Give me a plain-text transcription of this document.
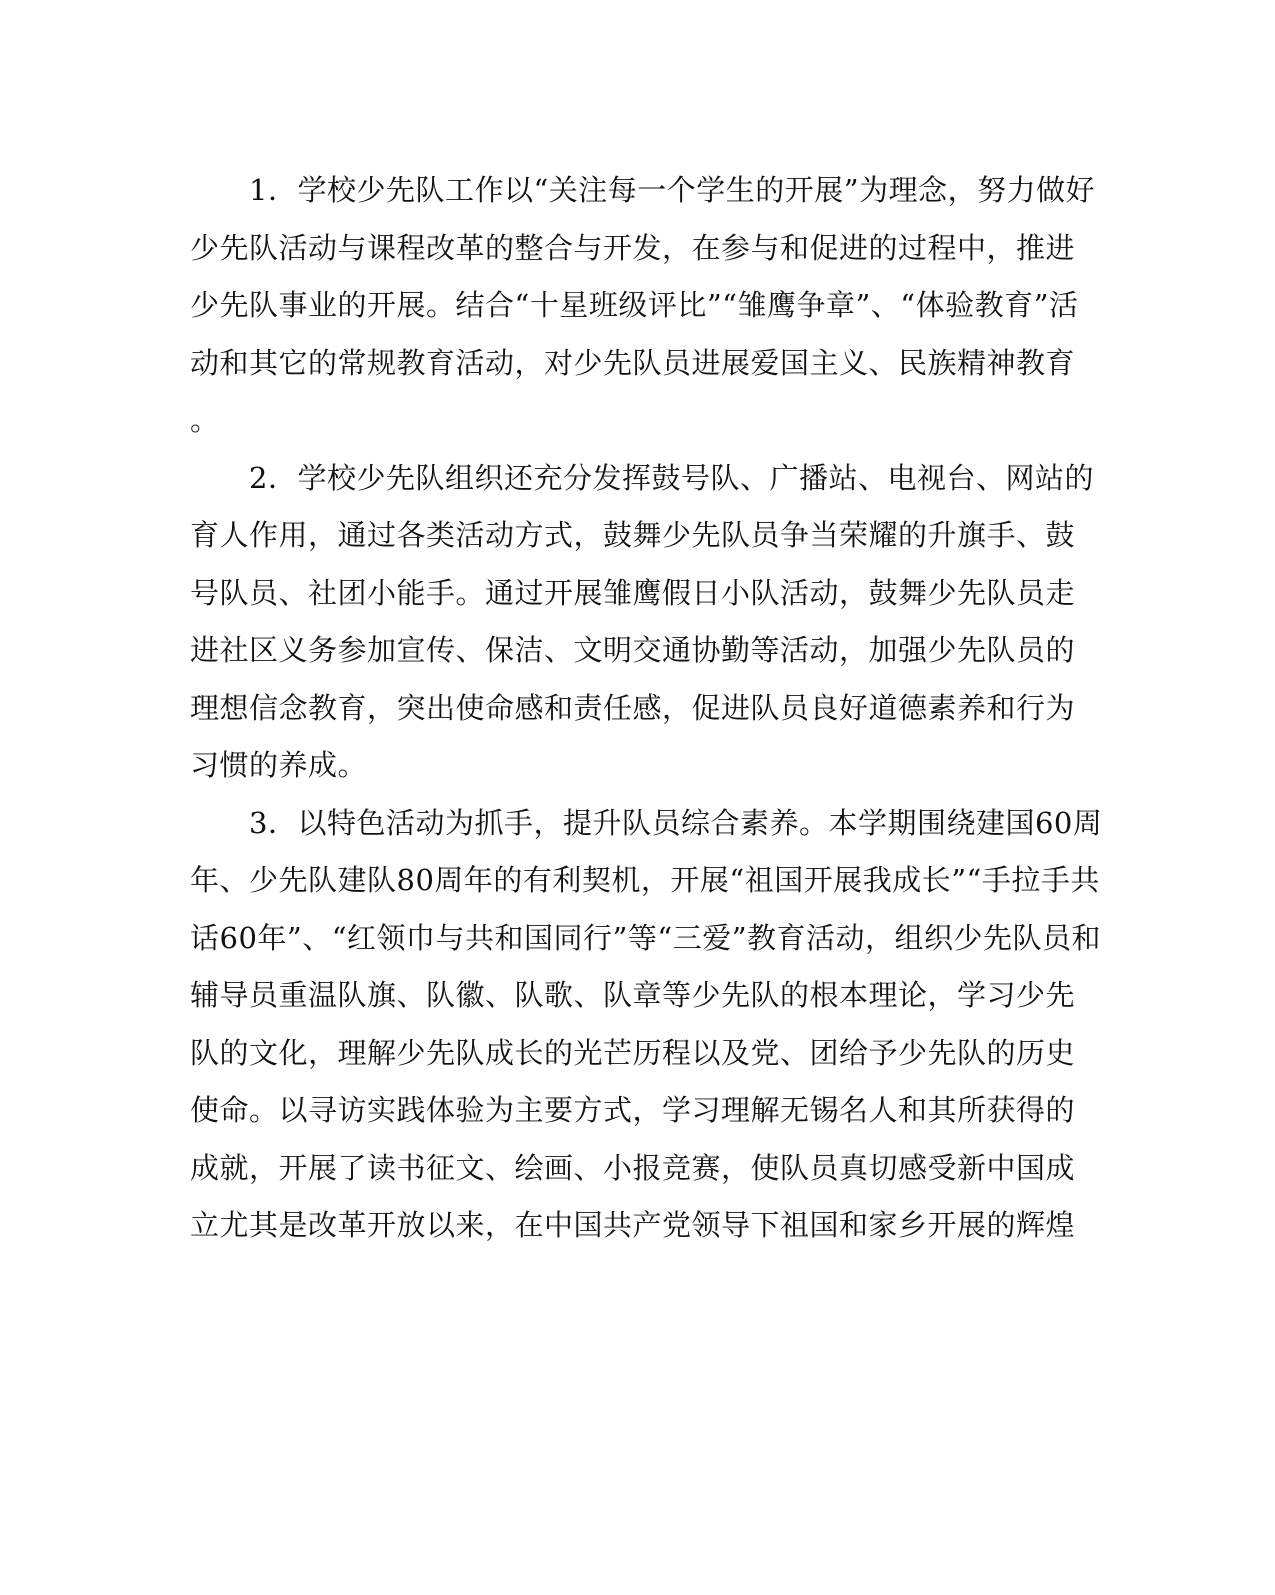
　　1．学校少先队工作以“关注每一个学生的开展”为理念，努力做好
少先队活动与课程改革的整合与开发，在参与和促进的过程中，推进
少先队事业的开展。结合“十星班级评比”“雏鹰争章”、“体验教育”活
动和其它的常规教育活动，对少先队员进展爱国主义、民族精神教育
。
　　2．学校少先队组织还充分发挥鼓号队、广播站、电视台、网站的
育人作用，通过各类活动方式，鼓舞少先队员争当荣耀的升旗手、鼓
号队员、社团小能手。通过开展雏鹰假日小队活动，鼓舞少先队员走
进社区义务参加宣传、保洁、文明交通协勤等活动，加强少先队员的
理想信念教育，突出使命感和责任感，促进队员良好道德素养和行为
习惯的养成。
　　3．以特色活动为抓手，提升队员综合素养。本学期围绕建国60周
年、少先队建队80周年的有利契机，开展“祖国开展我成长”“手拉手共
话60年”、“红领巾与共和国同行”等“三爱”教育活动，组织少先队员和
辅导员重温队旗、队徽、队歌、队章等少先队的根本理论，学习少先
队的文化，理解少先队成长的光芒历程以及党、团给予少先队的历史
使命。以寻访实践体验为主要方式，学习理解无锡名人和其所获得的
成就，开展了读书征文、绘画、小报竞赛，使队员真切感受新中国成
立尤其是改革开放以来，在中国共产党领导下祖国和家乡开展的辉煌
